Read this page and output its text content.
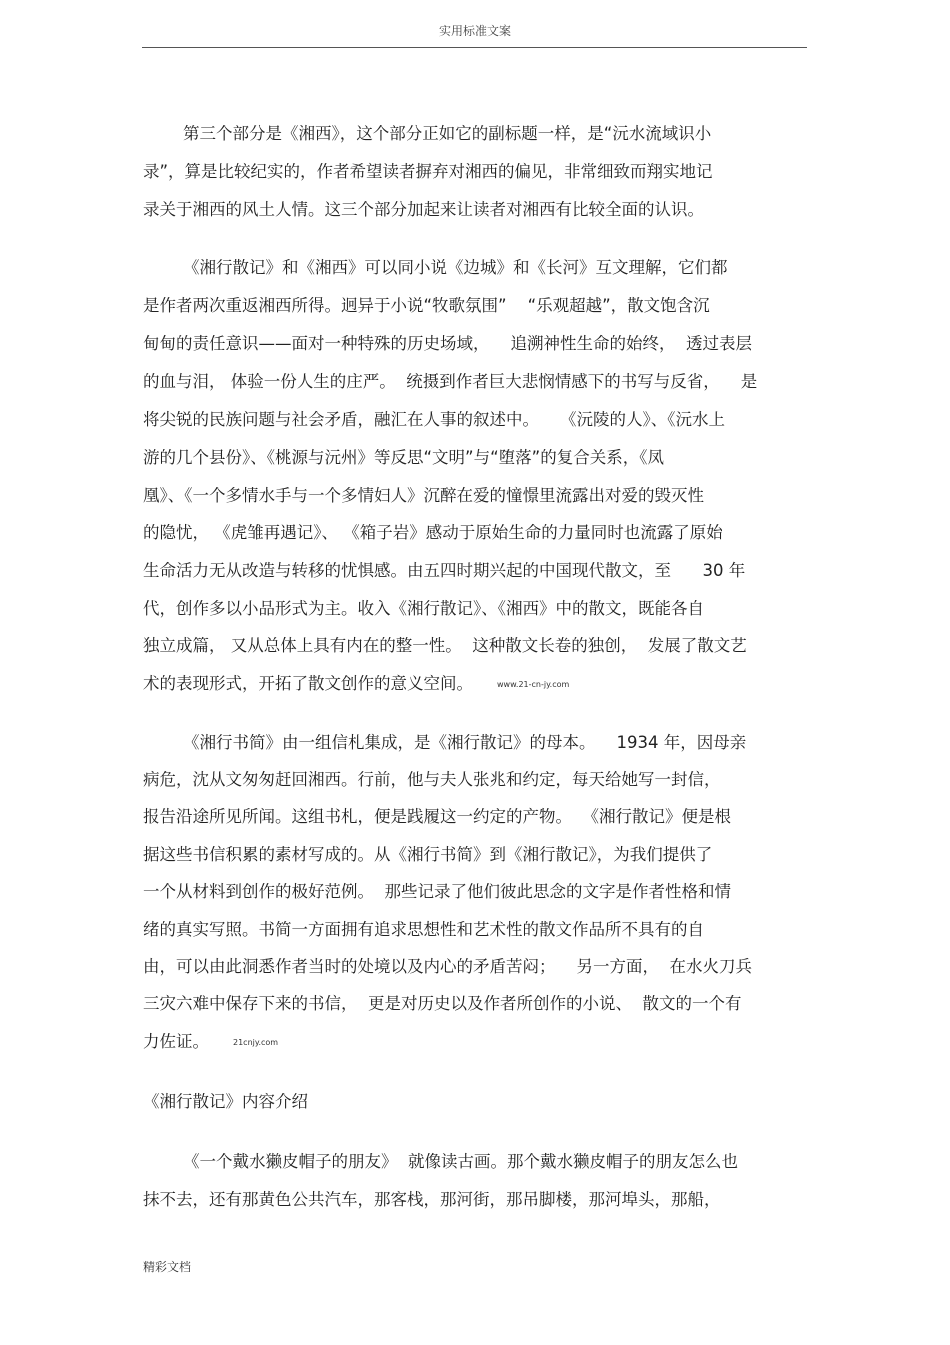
实用标准文案
第三个部分是《湘西》，这个部分正如它的副标题一样，是“沅水流域识小
录”，算是比较纪实的，作者希望读者摒弃对湘西的偏见，非常细致而翔实地记
录关于湘西的风土人情。这三个部分加起来让读者对湘西有比较全面的认识。
《湘行散记》和《湘西》可以同小说《边城》和《长河》互文理解，它们都
是作者两次重返湘西所得。迥异于小说“牧歌氛围”    “乐观超越”，散文饱含沉
甸甸的责任意识——面对一种特殊的历史场域，    追溯神性生命的始终，  透过表层
的血与泪， 体验一份人生的庄严。  统摄到作者巨大悲悯情感下的书写与反省，    是
将尖锐的民族问题与社会矛盾，融汇在人事的叙述中。    《沅陵的人》、《沅水上
游的几个县份》、《桃源与沅州》等反思“文明”与“堕落”的复合关系，《凤
凰》、《一个多情水手与一个多情妇人》沉醉在爱的憧憬里流露出对爱的毁灭性
的隐忧， 《虎雏再遇记》、 《箱子岩》感动于原始生命的力量同时也流露了原始
生命活力无从改造与转移的忧惧感。由五四时期兴起的中国现代散文，至      30 年
代，创作多以小品形式为主。收入《湘行散记》、《湘西》中的散文，既能各自
独立成篇， 又从总体上具有内在的整一性。  这种散文长卷的独创，  发展了散文艺
术的表现形式，开拓了散文创作的意义空间。	www.21-cn-jy.com
《湘行书简》由一组信札集成，是《湘行散记》的母本。    1934 年，因母亲
病危，沈从文匆匆赶回湘西。行前，他与夫人张兆和约定，每天给她写一封信，
报告沿途所见所闻。这组书札，便是践履这一约定的产物。  《湘行散记》便是根
据这些书信积累的素材写成的。从《湘行书简》到《湘行散记》，为我们提供了
一个从材料到创作的极好范例。  那些记录了他们彼此思念的文字是作者性格和情
绪的真实写照。书简一方面拥有追求思想性和艺术性的散文作品所不具有的自
由，可以由此洞悉作者当时的处境以及内心的矛盾苦闷；    另一方面，  在水火刀兵
三灾六难中保存下来的书信，  更是对历史以及作者所创作的小说、  散文的一个有
力佐证。	21cnjy.com
《湘行散记》内容介绍
《一个戴水獭皮帽子的朋友》  就像读古画。那个戴水獭皮帽子的朋友怎么也
抹不去，还有那黄色公共汽车，那客栈，那河街，那吊脚楼，那河埠头，那船，
精彩文档
